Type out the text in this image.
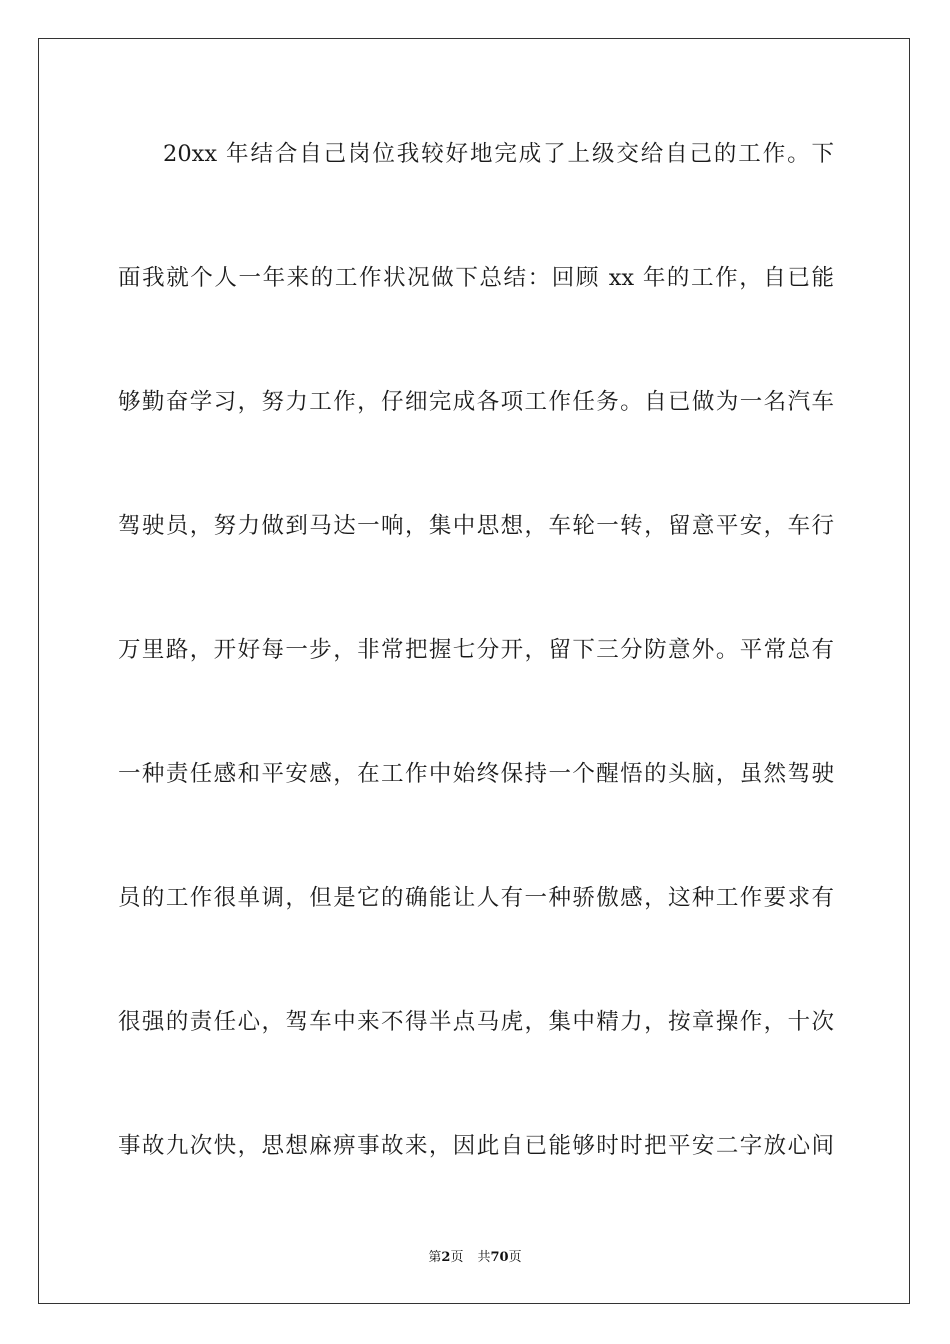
20xx 年结合自己岗位我较好地完成了上级交给自己的工作。下
面我就个人一年来的工作状况做下总结：回顾 xx 年的工作，自已能
够勤奋学习，努力工作，仔细完成各项工作任务。自已做为一名汽车
驾驶员，努力做到马达一响，集中思想，车轮一转，留意平安，车行
万里路，开好每一步，非常把握七分开，留下三分防意外。平常总有
一种责任感和平安感，在工作中始终保持一个醒悟的头脑，虽然驾驶
员的工作很单调，但是它的确能让人有一种骄傲感，这种工作要求有
很强的责任心，驾车中来不得半点马虎，集中精力，按章操作，十次
事故九次快，思想麻痹事故来，因此自已能够时时把平安二字放心间
第2页 共70页
